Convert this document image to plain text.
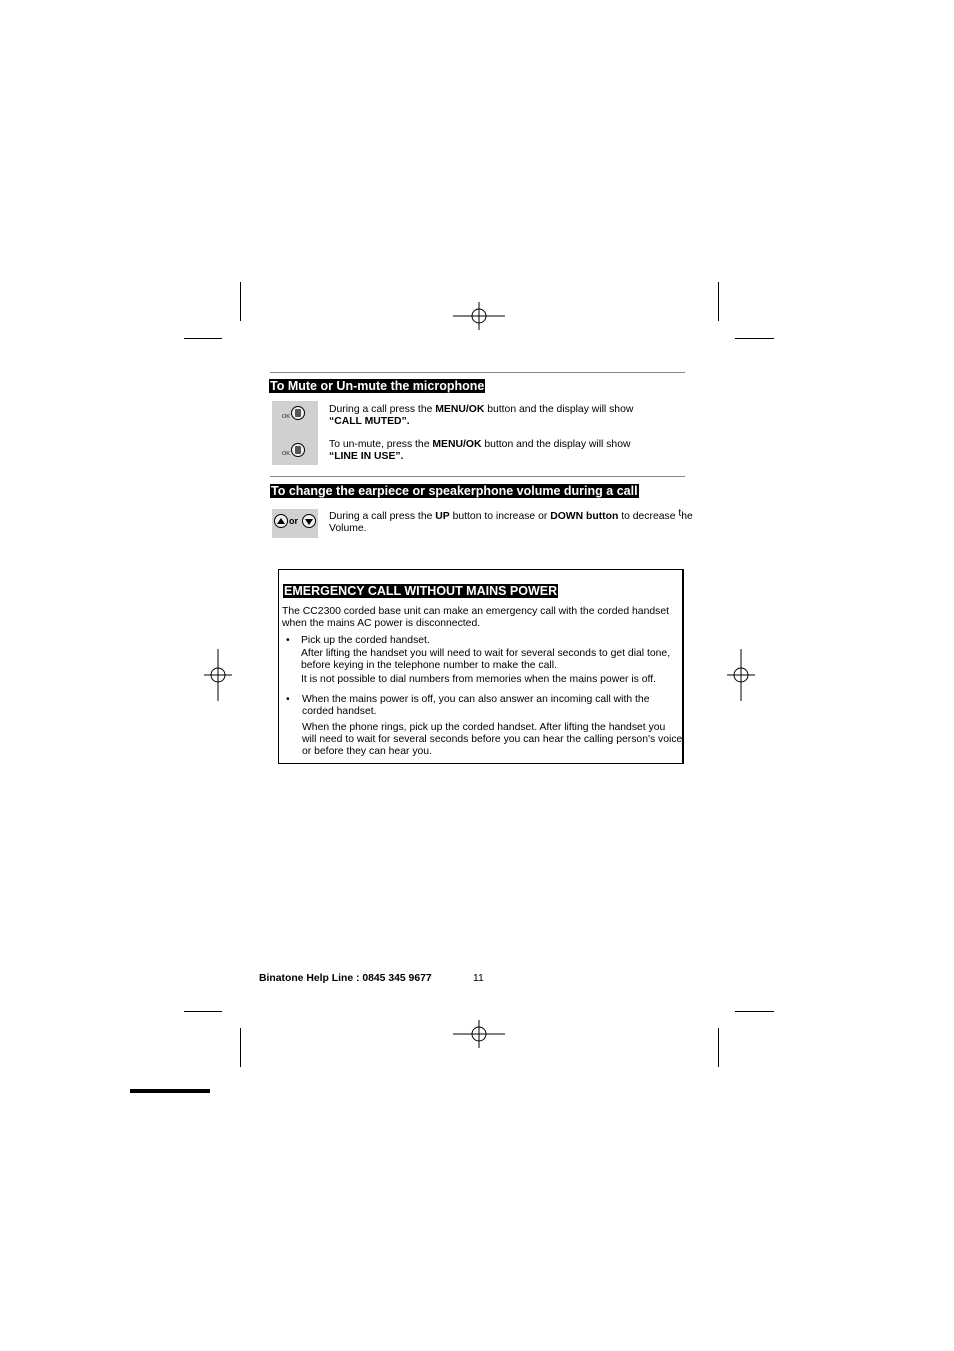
To Mute or Un-mute the microphone
OK
OK
During a call press the MENU/OK button and the display will show
“CALL MUTED”.
To un-mute, press the MENU/OK button and the display will show
“LINE IN USE”.
To change the earpiece or speakerphone volume during a call
or	During a call press the UP button to increase or DOWN button to decrease the
Volume.
EMERGENCY CALL WITHOUT MAINS POWER
The CC2300 corded base unit can make an emergency call with the corded handset
when the mains AC power is disconnected.
• Pick up the corded handset.
After lifting the handset you will need to wait for several seconds to get dial tone,
before keying in the telephone number to make the call.
It is not possible to dial numbers from memories when the mains power is off.
• When the mains power is off, you can also answer an incoming call with the
corded handset.
When the phone rings, pick up the corded handset. After lifting the handset you
will need to wait for several seconds before you can hear the calling person's voice
or before they can hear you.
Binatone Help Line : 0845 345 9677	11
